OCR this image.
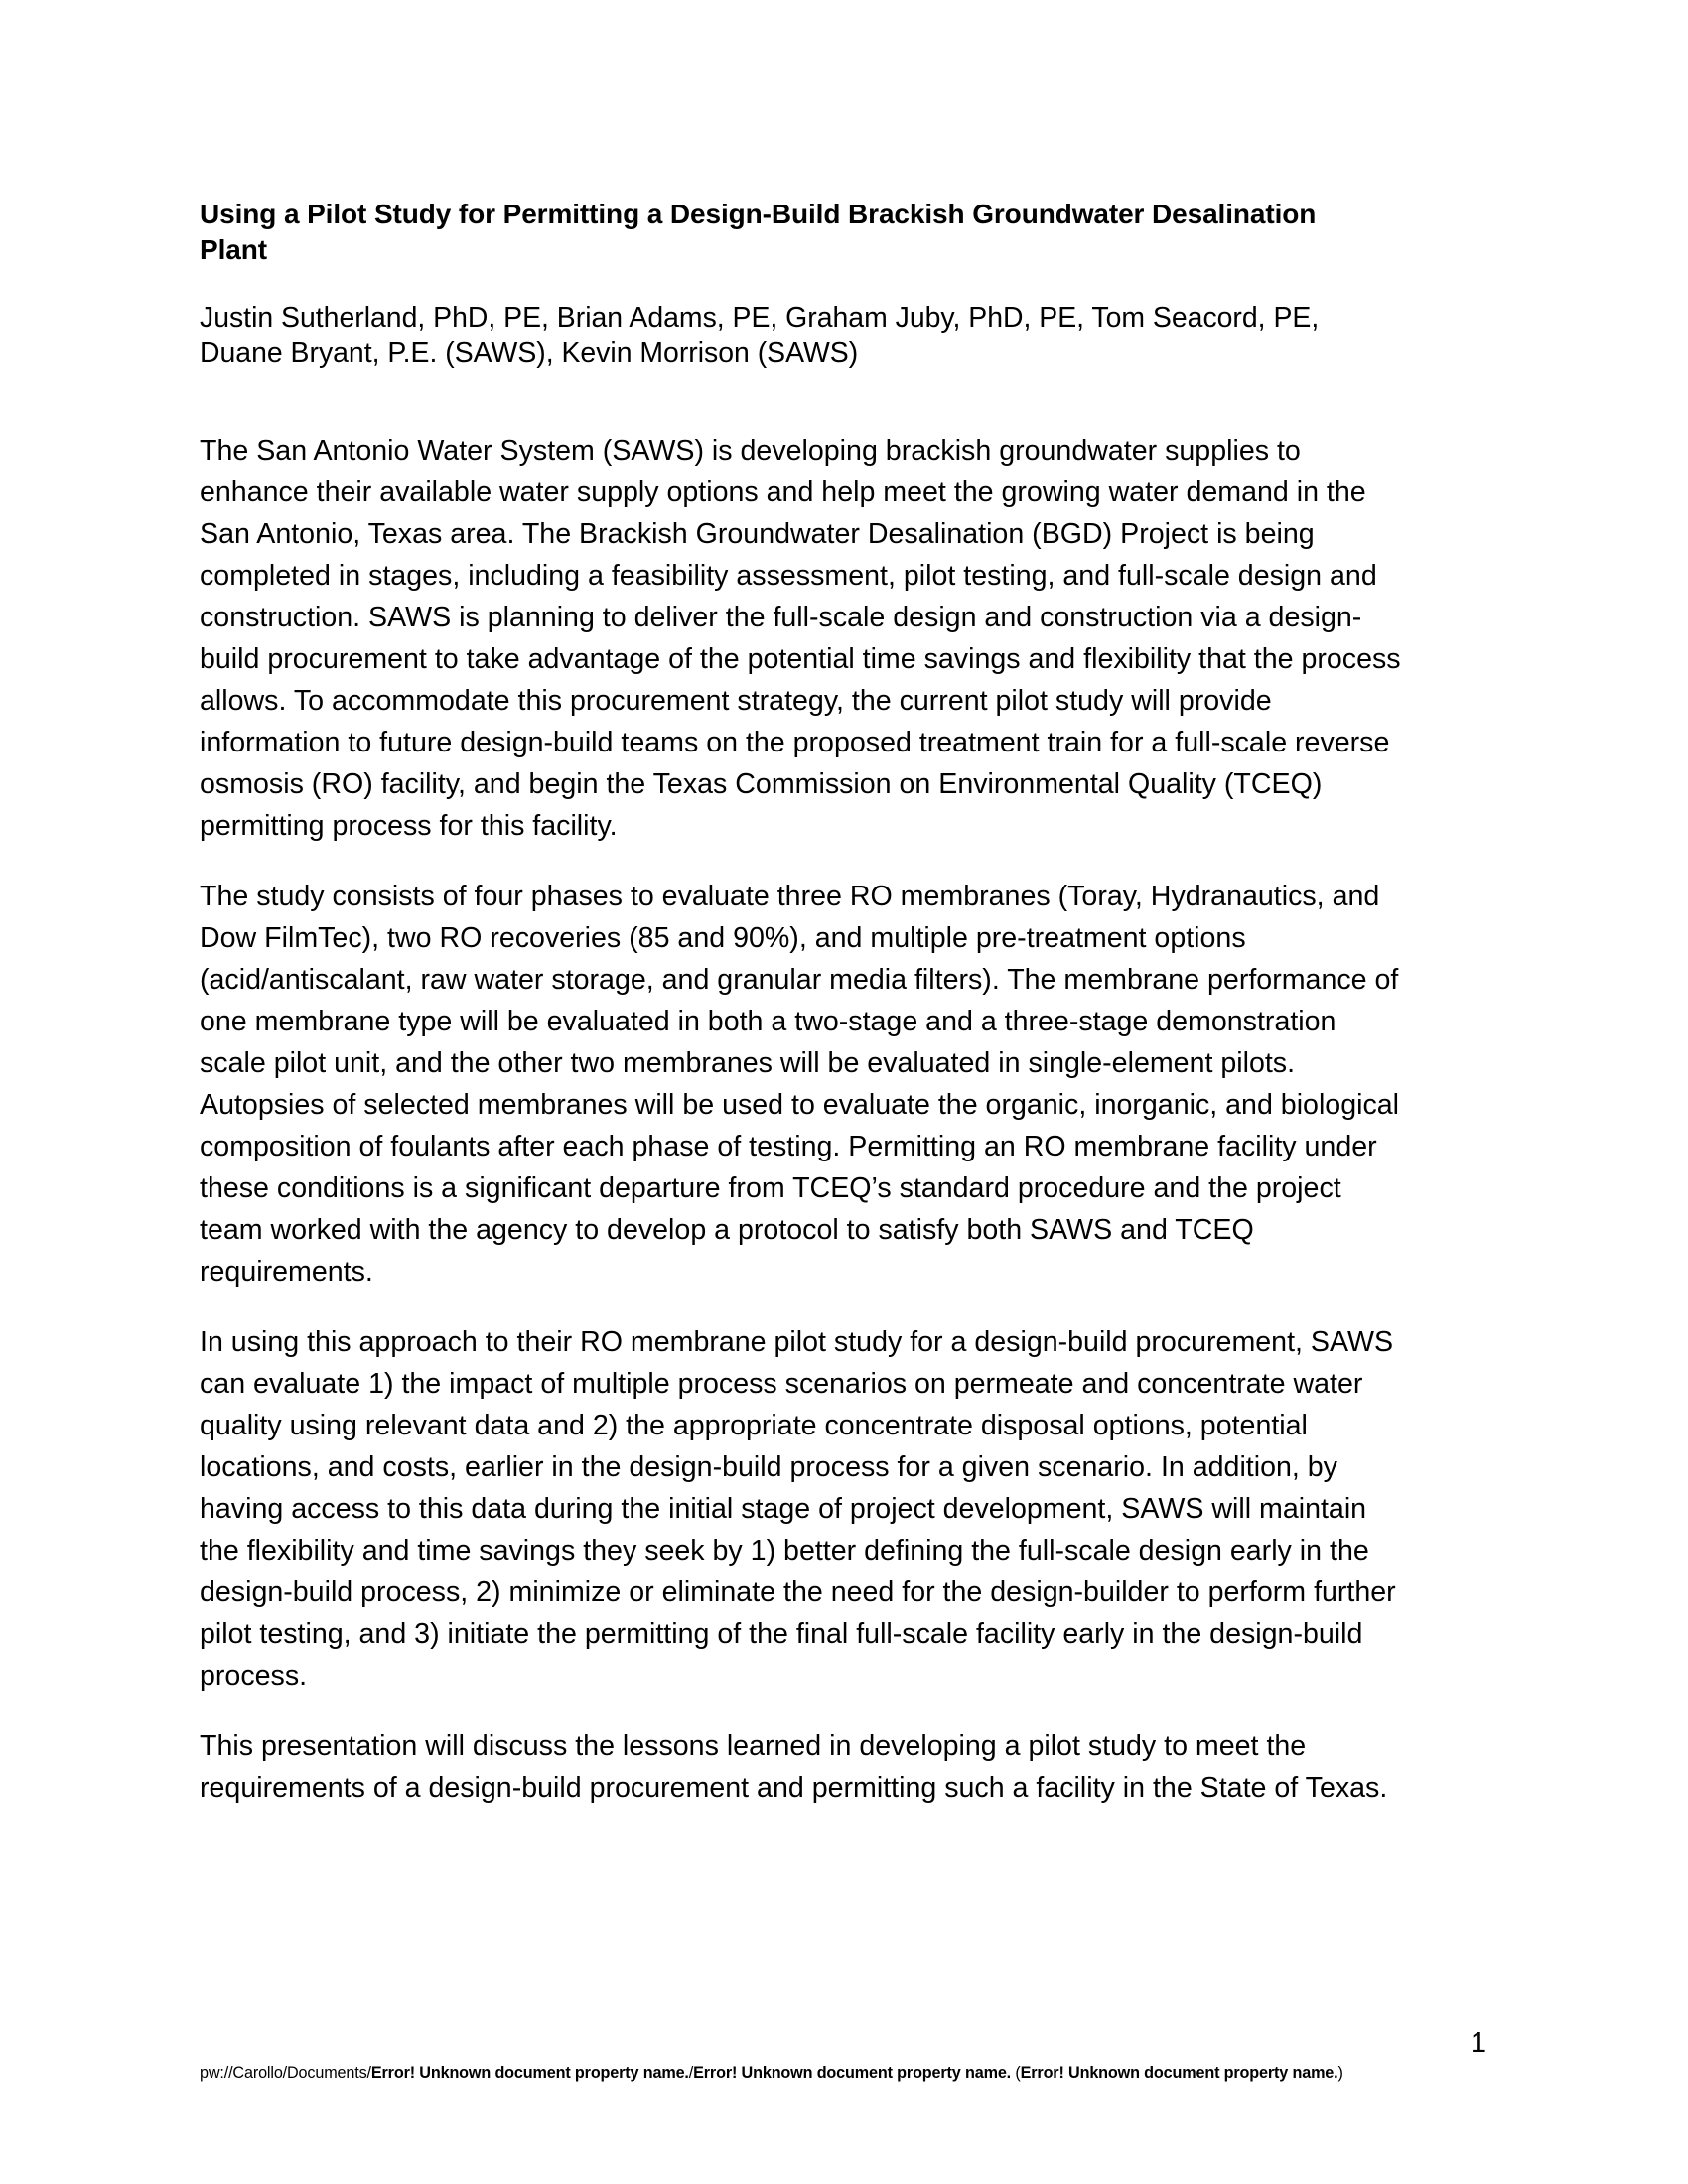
Using a Pilot Study for Permitting a Design-Build Brackish Groundwater Desalination
Plant
Justin Sutherland, PhD, PE, Brian Adams, PE, Graham Juby, PhD, PE, Tom Seacord, PE,
Duane Bryant, P.E. (SAWS), Kevin Morrison (SAWS)

The San Antonio Water System (SAWS) is developing brackish groundwater supplies to
enhance their available water supply options and help meet the growing water demand in the
San Antonio, Texas area. The Brackish Groundwater Desalination (BGD) Project is being
completed in stages, including a feasibility assessment, pilot testing, and full-scale design and
construction. SAWS is planning to deliver the full-scale design and construction via a design-
build procurement to take advantage of the potential time savings and flexibility that the process
allows. To accommodate this procurement strategy, the current pilot study will provide
information to future design-build teams on the proposed treatment train for a full-scale reverse
osmosis (RO) facility, and begin the Texas Commission on Environmental Quality (TCEQ)
permitting process for this facility.

The study consists of four phases to evaluate three RO membranes (Toray, Hydranautics, and
Dow FilmTec), two RO recoveries (85 and 90%), and multiple pre-treatment options
(acid/antiscalant, raw water storage, and granular media filters). The membrane performance of
one membrane type will be evaluated in both a two-stage and a three-stage demonstration
scale pilot unit, and the other two membranes will be evaluated in single-element pilots.
Autopsies of selected membranes will be used to evaluate the organic, inorganic, and biological
composition of foulants after each phase of testing. Permitting an RO membrane facility under
these conditions is a significant departure from TCEQ’s standard procedure and the project
team worked with the agency to develop a protocol to satisfy both SAWS and TCEQ
requirements.

In using this approach to their RO membrane pilot study for a design-build procurement, SAWS
can evaluate 1) the impact of multiple process scenarios on permeate and concentrate water
quality using relevant data and 2) the appropriate concentrate disposal options, potential
locations, and costs, earlier in the design-build process for a given scenario. In addition, by
having access to this data during the initial stage of project development, SAWS will maintain
the flexibility and time savings they seek by 1) better defining the full-scale design early in the
design-build process, 2) minimize or eliminate the need for the design-builder to perform further
pilot testing, and 3) initiate the permitting of the final full-scale facility early in the design-build
process.

This presentation will discuss the lessons learned in developing a pilot study to meet the
requirements of a design-build procurement and permitting such a facility in the State of Texas.

1
pw://Carollo/Documents/Error! Unknown document property name./Error! Unknown document property name. (Error! Unknown document property name.)
